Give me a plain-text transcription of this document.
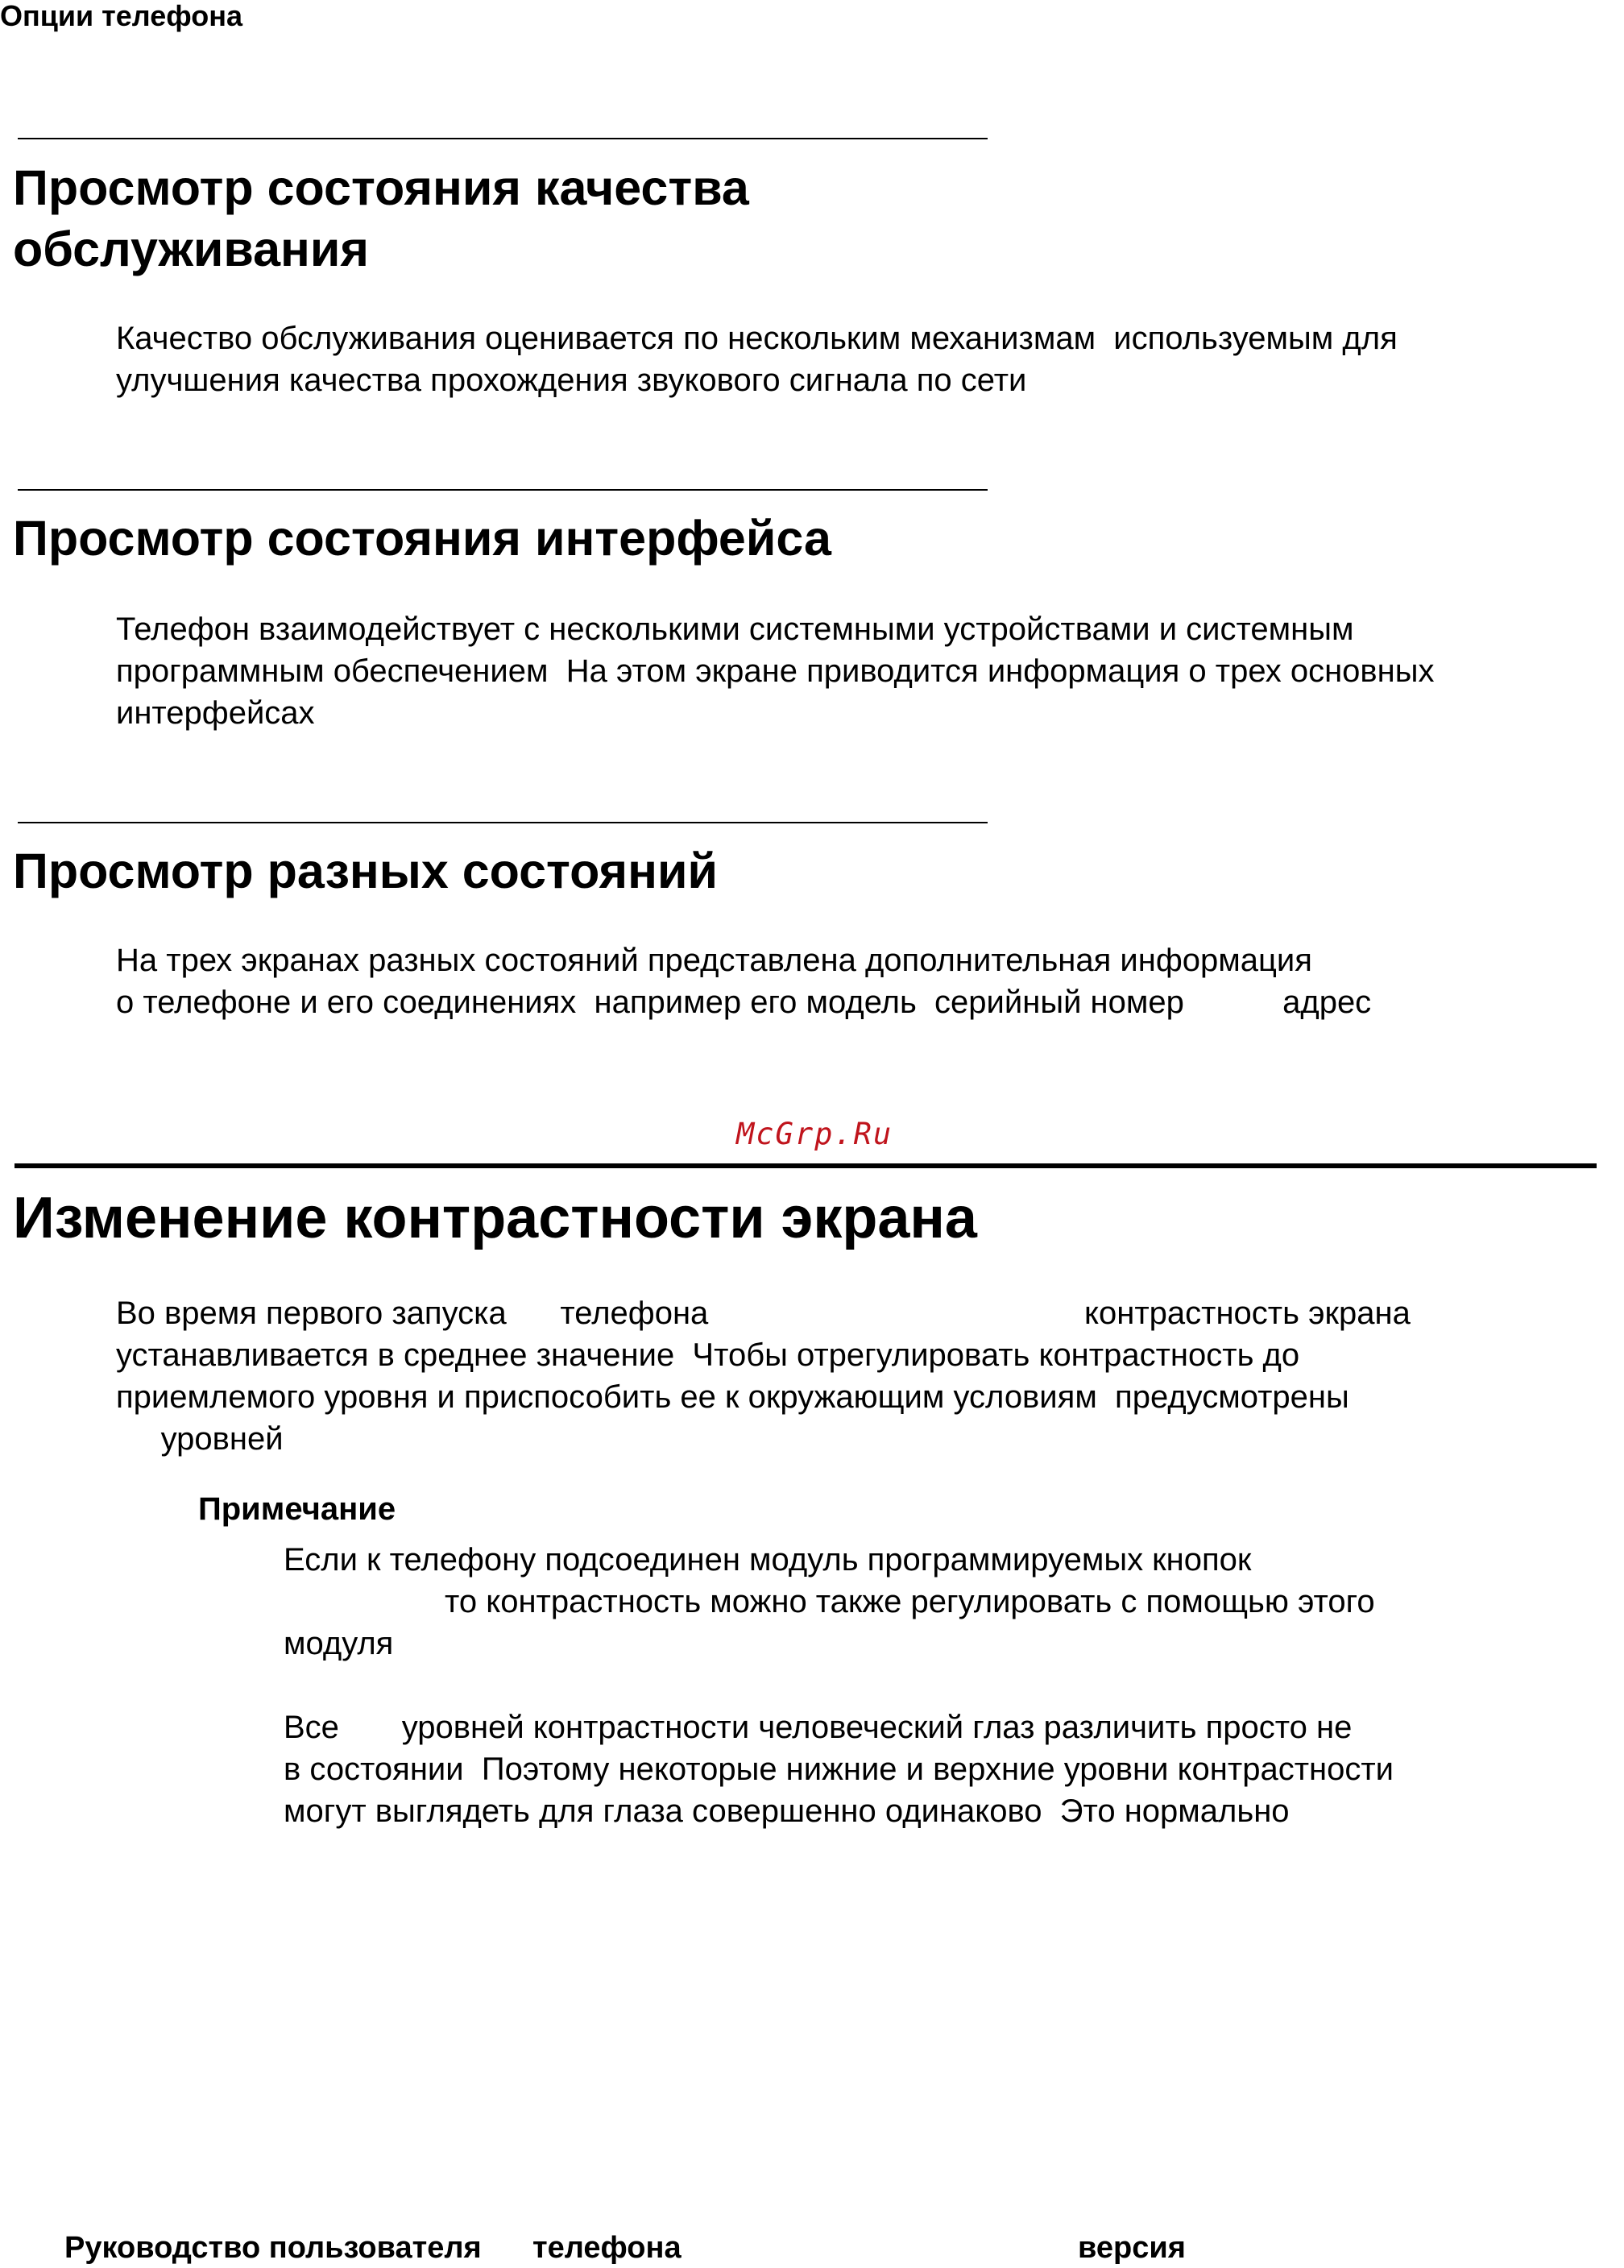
Опции телефона
Просмотр состояния качества
обслуживания

Качество обслуживания оценивается по нескольким механизмам  используемым для
улучшения качества прохождения звукового сигнала по сети

Просмотр состояния интерфейса

Телефон взаимодействует с несколькими системными устройствами и системным
программным обеспечением  На этом экране приводится информация о трех основных
интерфейсах

Просмотр разных состояний

На трех экранах разных состояний представлена дополнительная информация
о телефоне и его соединениях  например его модель  серийный номер           адрес

McGrp.Ru
Изменение контрастности экрана

Во время первого запуска      телефона                                          контрастность экрана
устанавливается в среднее значение  Чтобы отрегулировать контрастность до
приемлемого уровня и приспособить ее к окружающим условиям  предусмотрены
уровней

Примечание

Если к телефону подсоединен модуль программируемых кнопок
то контрастность можно также регулировать с помощью этого
модуля

Все       уровней контрастности человеческий глаз различить просто не
в состоянии  Поэтому некоторые нижние и верхние уровни контрастности
могут выглядеть для глаза совершенно одинаково  Это нормально

Руководство пользователя      телефона	версия
